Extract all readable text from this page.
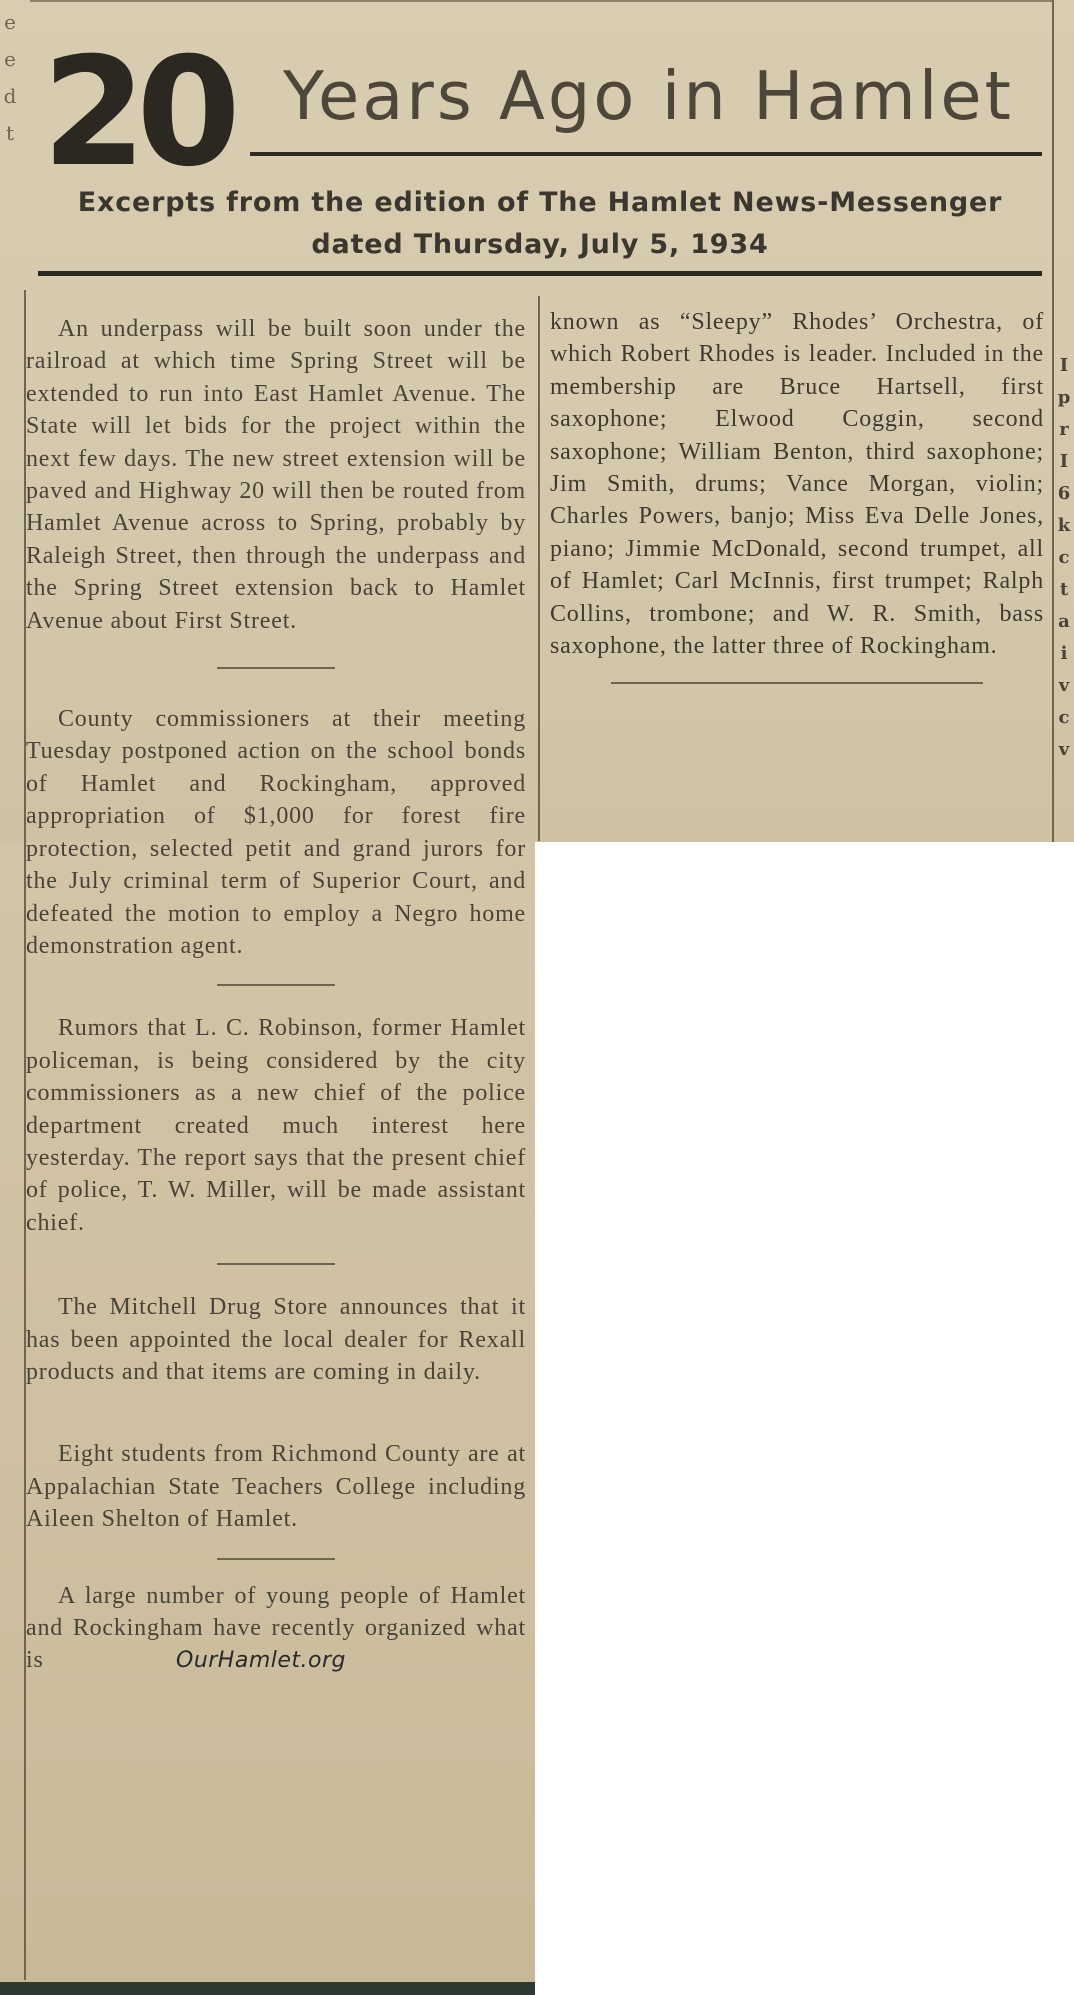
e
e
d
t
I
p
r
I
6
k
c
t
a
i
v
c
v
20 Years Ago in Hamlet
Excerpts from the edition of The Hamlet News-Messenger
dated Thursday, July 5, 1934

An underpass will be built soon under the railroad at which time Spring Street will be extended to run into East Hamlet Avenue. The State will let bids for the project within the next few days. The new street extension will be paved and Highway 20 will then be routed from Hamlet Avenue across to Spring, probably by Raleigh Street, then through the underpass and the Spring Street extension back to Hamlet Avenue about First Street.

County commissioners at their meeting Tuesday postponed action on the school bonds of Hamlet and Rockingham, approved appropriation of $1,000 for forest fire protection, selected petit and grand jurors for the July criminal term of Superior Court, and defeated the motion to employ a Negro home demonstration agent.

Rumors that L. C. Robinson, former Hamlet policeman, is being considered by the city commissioners as a new chief of the police department created much interest here yesterday. The report says that the present chief of police, T. W. Miller, will be made assistant chief.

The Mitchell Drug Store announces that it has been appointed the local dealer for Rexall products and that items are coming in daily.

Eight students from Richmond County are at Appalachian State Teachers College including Aileen Shelton of Hamlet.

A large number of young people of Hamlet and Rockingham have recently organized what is

known as “Sleepy” Rhodes’ Orchestra, of which Robert Rhodes is leader. Included in the membership are Bruce Hartsell, first saxophone; Elwood Coggin, second saxophone; William Benton, third saxophone; Jim Smith, drums; Vance Morgan, violin; Charles Powers, banjo; Miss Eva Delle Jones, piano; Jimmie McDonald, second trumpet, all of Hamlet; Carl McInnis, first trumpet; Ralph Collins, trombone; and W. R. Smith, bass saxophone, the latter three of Rockingham.

OurHamlet.org
